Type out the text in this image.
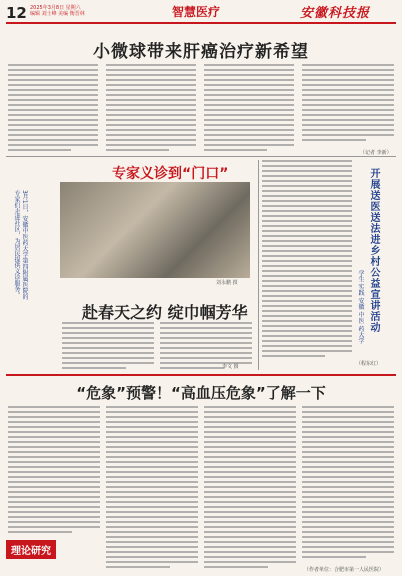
12 2025年3月8日 星期六
编辑 刘士峰 美编 衡晋林	智慧医疗	安徽科技报
小微球带来肝癌治疗新希望
（记者 李新）
专家义诊到“门口”
3月1日，安徽中医药大学第四附属医院的专家们走进社区，为居民提供义诊服务。	刘永鹏 摄
赴春天之约 绽巾帼芳华
李文 摄
开展送医送法进乡村公益宣讲活动
学生 实践 安徽 中医 药大学
（程东红）
“危象”预警！“高血压危象”了解一下
理论研究
（作者单位：合肥市第一人民医院）
